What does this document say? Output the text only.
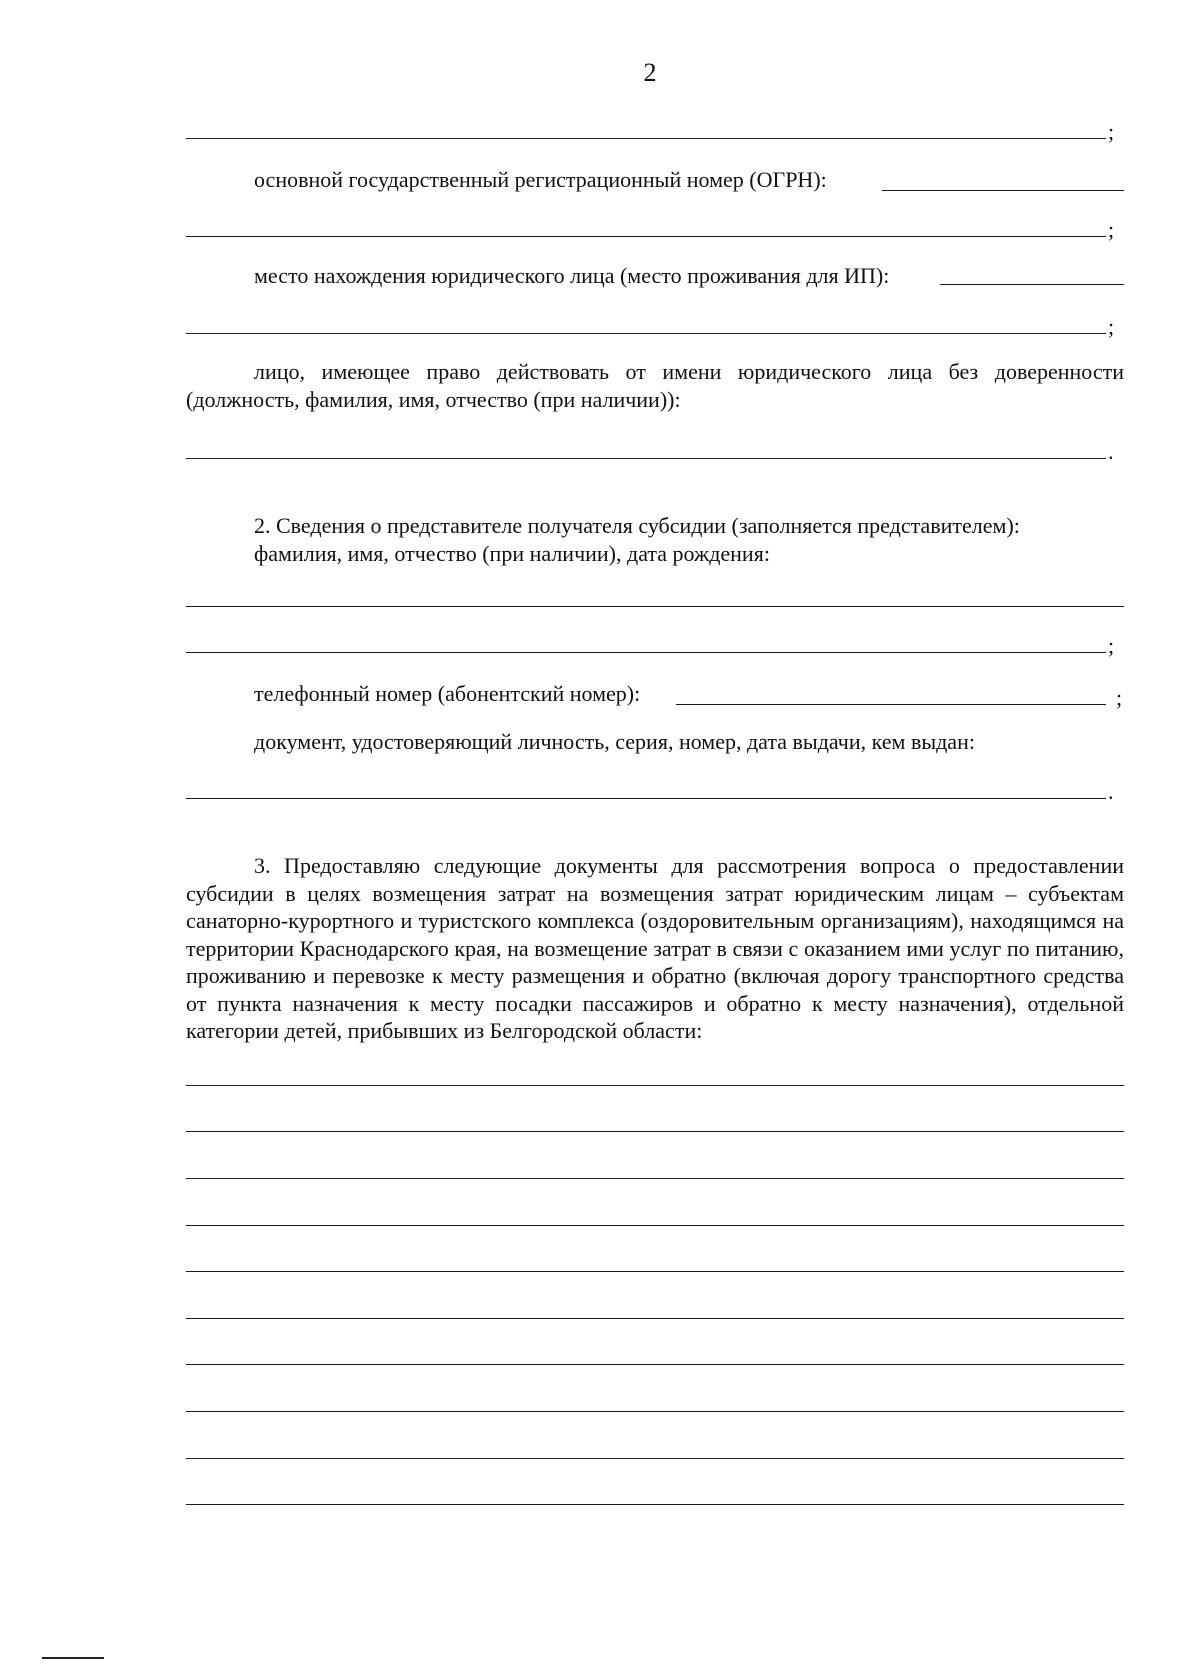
2
;
основной государственный регистрационный номер (ОГРН):
;
место нахождения юридического лица (место проживания для ИП):
;
лицо, имеющее право действовать от имени юридического лица без доверенности (должность, фамилия, имя, отчество (при наличии)):
.
2. Сведения о представителе получателя субсидии (заполняется представителем):
фамилия, имя, отчество (при наличии), дата рождения:
;
телефонный номер (абонентский номер):	;
документ, удостоверяющий личность, серия, номер, дата выдачи, кем выдан:
.
3. Предоставляю следующие документы для рассмотрения вопроса о предоставлении субсидии в целях возмещения затрат на возмещения затрат юридическим лицам – субъектам санаторно-курортного и туристского комплекса (оздоровительным организациям), находящимся на территории Краснодарского края, на возмещение затрат в связи с оказанием ими услуг по питанию, проживанию и перевозке к месту размещения и обратно (включая дорогу транспортного средства от пункта назначения к месту посадки пассажиров и обратно к месту назначения), отдельной категории детей, прибывших из Белгородской области:
